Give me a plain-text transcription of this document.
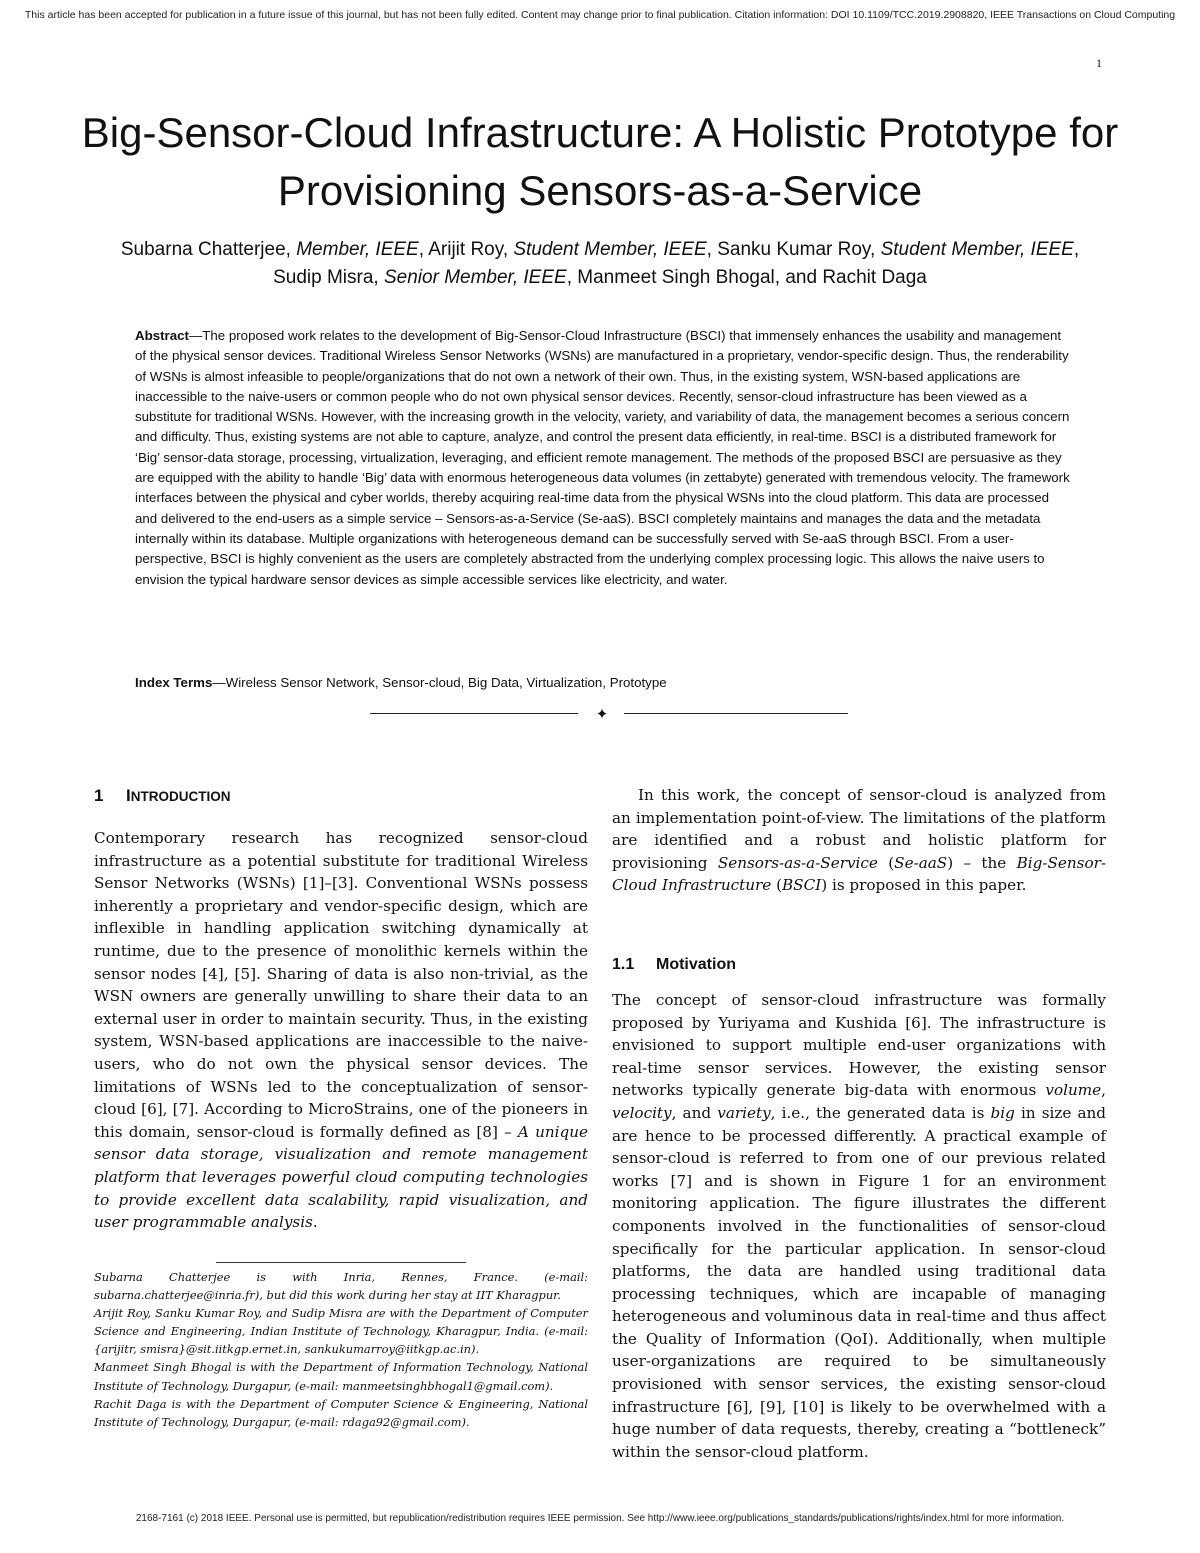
This article has been accepted for publication in a future issue of this journal, but has not been fully edited. Content may change prior to final publication. Citation information: DOI 10.1109/TCC.2019.2908820, IEEE Transactions on Cloud Computing
1
Big-Sensor-Cloud Infrastructure: A Holistic Prototype for Provisioning Sensors-as-a-Service
Subarna Chatterjee, Member, IEEE, Arijit Roy, Student Member, IEEE, Sanku Kumar Roy, Student Member, IEEE, Sudip Misra, Senior Member, IEEE, Manmeet Singh Bhogal, and Rachit Daga
Abstract—The proposed work relates to the development of Big-Sensor-Cloud Infrastructure (BSCI) that immensely enhances the usability and management of the physical sensor devices. Traditional Wireless Sensor Networks (WSNs) are manufactured in a proprietary, vendor-specific design. Thus, the renderability of WSNs is almost infeasible to people/organizations that do not own a network of their own. Thus, in the existing system, WSN-based applications are inaccessible to the naive-users or common people who do not own physical sensor devices. Recently, sensor-cloud infrastructure has been viewed as a substitute for traditional WSNs. However, with the increasing growth in the velocity, variety, and variability of data, the management becomes a serious concern and difficulty. Thus, existing systems are not able to capture, analyze, and control the present data efficiently, in real-time. BSCI is a distributed framework for ‘Big’ sensor-data storage, processing, virtualization, leveraging, and efficient remote management. The methods of the proposed BSCI are persuasive as they are equipped with the ability to handle ‘Big’ data with enormous heterogeneous data volumes (in zettabyte) generated with tremendous velocity. The framework interfaces between the physical and cyber worlds, thereby acquiring real-time data from the physical WSNs into the cloud platform. This data are processed and delivered to the end-users as a simple service – Sensors-as-a-Service (Se-aaS). BSCI completely maintains and manages the data and the metadata internally within its database. Multiple organizations with heterogeneous demand can be successfully served with Se-aaS through BSCI. From a user-perspective, BSCI is highly convenient as the users are completely abstracted from the underlying complex processing logic. This allows the naive users to envision the typical hardware sensor devices as simple accessible services like electricity, and water.
Index Terms—Wireless Sensor Network, Sensor-cloud, Big Data, Virtualization, Prototype
✦
1 INTRODUCTION

Contemporary research has recognized sensor-cloud infrastructure as a potential substitute for traditional Wireless Sensor Networks (WSNs) [1]–[3]. Conventional WSNs possess inherently a proprietary and vendor-specific design, which are inflexible in handling application switching dynamically at runtime, due to the presence of monolithic kernels within the sensor nodes [4], [5]. Sharing of data is also non-trivial, as the WSN owners are generally unwilling to share their data to an external user in order to maintain security. Thus, in the existing system, WSN-based applications are inaccessible to the naive-users, who do not own the physical sensor devices. The limitations of WSNs led to the conceptualization of sensor-cloud [6], [7]. According to MicroStrains, one of the pioneers in this domain, sensor-cloud is formally defined as [8] – A unique sensor data storage, visualization and remote management platform that leverages powerful cloud computing technologies to provide excellent data scalability, rapid visualization, and user programmable analysis.

In this work, the concept of sensor-cloud is analyzed from an implementation point-of-view. The limitations of the platform are identified and a robust and holistic platform for provisioning Sensors-as-a-Service (Se-aaS) – the Big-Sensor-Cloud Infrastructure (BSCI) is proposed in this paper.

1.1 Motivation

The concept of sensor-cloud infrastructure was formally proposed by Yuriyama and Kushida [6]. The infrastructure is envisioned to support multiple end-user organizations with real-time sensor services. However, the existing sensor networks typically generate big-data with enormous volume, velocity, and variety, i.e., the generated data is big in size and are hence to be processed differently. A practical example of sensor-cloud is referred to from one of our previous related works [7] and is shown in Figure 1 for an environment monitoring application. The figure illustrates the different components involved in the functionalities of sensor-cloud specifically for the particular application. In sensor-cloud platforms, the data are handled using traditional data processing techniques, which are incapable of managing heterogeneous and voluminous data in real-time and thus affect the Quality of Information (QoI). Additionally, when multiple user-organizations are required to be simultaneously provisioned with sensor services, the existing sensor-cloud infrastructure [6], [9], [10] is likely to be overwhelmed with a huge number of data requests, thereby, creating a “bottleneck” within the sensor-cloud platform.

Subarna Chatterjee is with Inria, Rennes, France. (e-mail: subarna.chatterjee@inria.fr), but did this work during her stay at IIT Kharagpur.

Arijit Roy, Sanku Kumar Roy, and Sudip Misra are with the Department of Computer Science and Engineering, Indian Institute of Technology, Kharagpur, India. (e-mail: {arijitr, smisra}@sit.iitkgp.ernet.in, sankukumarroy@iitkgp.ac.in).

Manmeet Singh Bhogal is with the Department of Information Technology, National Institute of Technology, Durgapur, (e-mail: manmeetsinghbhogal1@gmail.com).

Rachit Daga is with the Department of Computer Science & Engineering, National Institute of Technology, Durgapur, (e-mail: rdaga92@gmail.com).

2168-7161 (c) 2018 IEEE. Personal use is permitted, but republication/redistribution requires IEEE permission. See http://www.ieee.org/publications_standards/publications/rights/index.html for more information.
